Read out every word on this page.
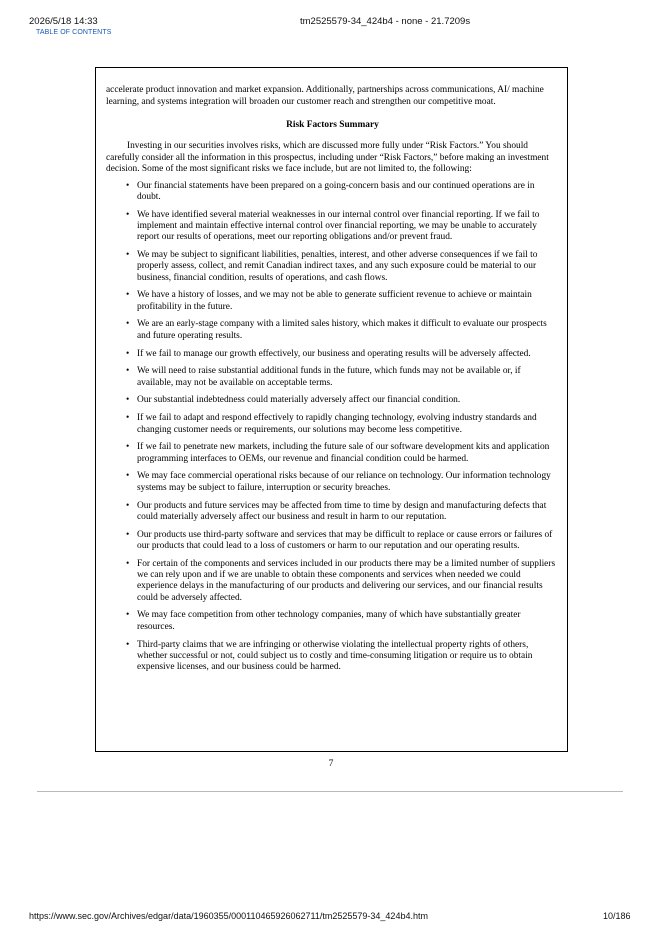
2026/5/18 14:33	tm2525579-34_424b4 - none - 21.7209s
TABLE OF CONTENTS

accelerate product innovation and market expansion. Additionally, partnerships across communications, AI/ machine learning, and systems integration will broaden our customer reach and strengthen our competitive moat.

Risk Factors Summary

Investing in our securities involves risks, which are discussed more fully under “Risk Factors.” You should carefully consider all the information in this prospectus, including under “Risk Factors,” before making an investment decision. Some of the most significant risks we face include, but are not limited to, the following:

• Our financial statements have been prepared on a going-concern basis and our continued operations are in doubt.
• We have identified several material weaknesses in our internal control over financial reporting. If we fail to implement and maintain effective internal control over financial reporting, we may be unable to accurately report our results of operations, meet our reporting obligations and/or prevent fraud.
• We may be subject to significant liabilities, penalties, interest, and other adverse consequences if we fail to properly assess, collect, and remit Canadian indirect taxes, and any such exposure could be material to our business, financial condition, results of operations, and cash flows.
• We have a history of losses, and we may not be able to generate sufficient revenue to achieve or maintain profitability in the future.
• We are an early-stage company with a limited sales history, which makes it difficult to evaluate our prospects and future operating results.
• If we fail to manage our growth effectively, our business and operating results will be adversely affected.
• We will need to raise substantial additional funds in the future, which funds may not be available or, if available, may not be available on acceptable terms.
• Our substantial indebtedness could materially adversely affect our financial condition.
• If we fail to adapt and respond effectively to rapidly changing technology, evolving industry standards and changing customer needs or requirements, our solutions may become less competitive.
• If we fail to penetrate new markets, including the future sale of our software development kits and application programming interfaces to OEMs, our revenue and financial condition could be harmed.
• We may face commercial operational risks because of our reliance on technology. Our information technology systems may be subject to failure, interruption or security breaches.
• Our products and future services may be affected from time to time by design and manufacturing defects that could materially adversely affect our business and result in harm to our reputation.
• Our products use third-party software and services that may be difficult to replace or cause errors or failures of our products that could lead to a loss of customers or harm to our reputation and our operating results.
• For certain of the components and services included in our products there may be a limited number of suppliers we can rely upon and if we are unable to obtain these components and services when needed we could experience delays in the manufacturing of our products and delivering our services, and our financial results could be adversely affected.
• We may face competition from other technology companies, many of which have substantially greater resources.
• Third-party claims that we are infringing or otherwise violating the intellectual property rights of others, whether successful or not, could subject us to costly and time-consuming litigation or require us to obtain expensive licenses, and our business could be harmed.
7
https://www.sec.gov/Archives/edgar/data/1960355/000110465926062711/tm2525579-34_424b4.htm	10/186
